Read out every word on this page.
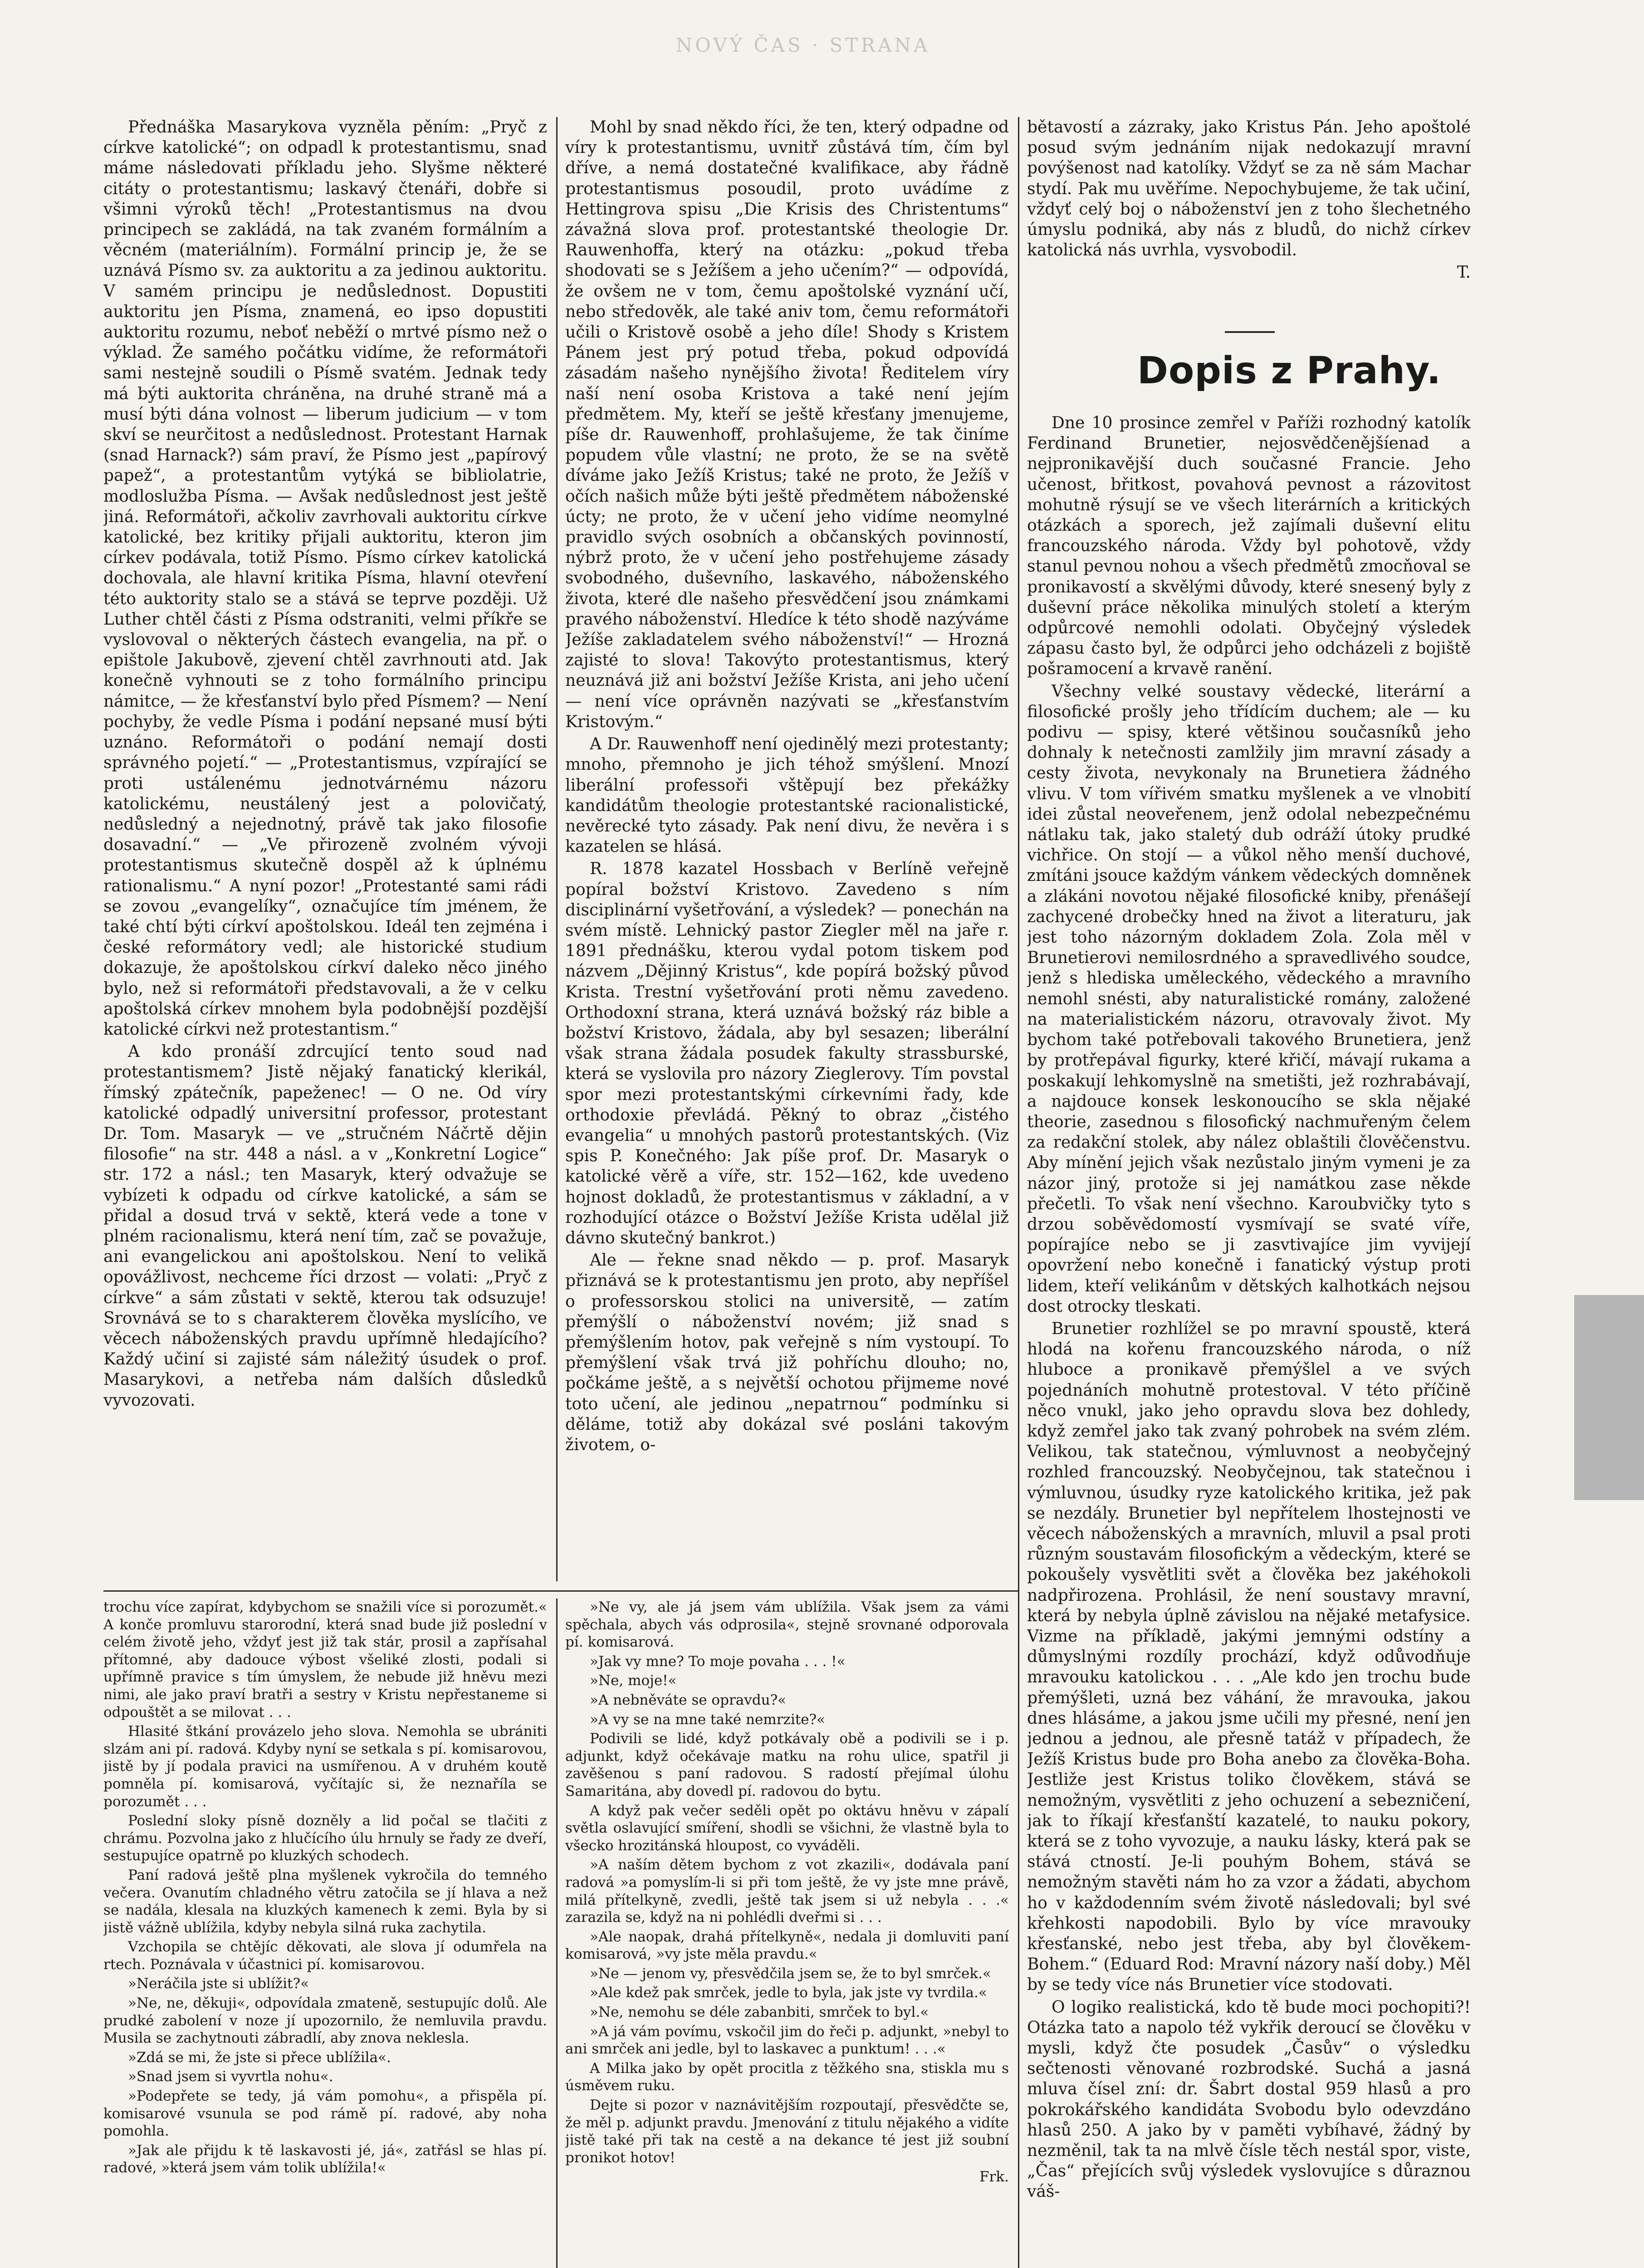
NOVÝ ČAS · STRANA

Přednáška Masarykova vyzněla pěním: „Pryč z církve katolické“; on odpadl k protestantismu, snad máme následovati příkladu jeho. Slyšme některé citáty o protestantismu; laskavý čtenáři, dobře si všimni výroků těch! „Protestantismus na dvou principech se zakládá, na tak zvaném formálním a věcném (materiálním). Formální princip je, že se uznává Písmo sv. za auktoritu a za jedinou auktoritu. V samém principu je nedůslednost. Dopustiti auktoritu jen Písma, znamená, eo ipso dopustiti auktoritu rozumu, neboť neběží o mrtvé písmo než o výklad. Že samého počátku vidíme, že reformátoři sami nestejně soudili o Písmě svatém. Jednak tedy má býti auktorita chráněna, na druhé straně má a musí býti dána volnost — liberum judicium — v tom skví se neurčitost a nedůslednost. Protestant Harnak (snad Harnack?) sám praví, že Písmo jest „papírový papež“, a protestantům vytýká se bibliolatrie, modloslužba Písma. — Avšak nedůslednost jest ještě jiná. Reformátoři, ačkoliv zavrhovali auktoritu církve katolické, bez kritiky přijali auktoritu, kteron jim církev podávala, totiž Písmo. Písmo církev katolická dochovala, ale hlavní kritika Písma, hlavní otevření této auktority stalo se a stává se teprve později. Už Luther chtěl části z Písma odstraniti, velmi příkře se vyslovoval o některých částech evangelia, na př. o epištole Jakubově, zjevení chtěl zavrhnouti atd. Jak konečně vyhnouti se z toho formálního principu námitce, — že křesťanství bylo před Písmem? — Není pochyby, že vedle Písma i podání nepsané musí býti uznáno. Reformátoři o podání nemají dosti správného pojetí.“ — „Protestantismus, vzpírající se proti ustálenému jednotvárnému názoru katolickému, neustálený jest a polovičatý, nedůsledný a nejednotný, právě tak jako filosofie dosavadní.“ — „Ve přirozeně zvolném vývoji protestantismus skutečně dospěl až k úplnému rationalismu.“ A nyní pozor! „Protestanté sami rádi se zovou „evangelíky“, označujíce tím jménem, že také chtí býti církví apoštolskou. Ideál ten zejména i české reformátory vedl; ale historické studium dokazuje, že apoštolskou církví daleko něco jiného bylo, než si reformátoři představovali, a že v celku apoštolská církev mnohem byla podobnější pozdější katolické církvi než protestantism.“

A kdo pronáší zdrcující tento soud nad protestantismem? Jistě nějaký fanatický klerikál, římský zpátečník, papeženec! — O ne. Od víry katolické odpadlý universitní professor, protestant Dr. Tom. Masaryk — ve „stručném Náčrtě dějin filosofie“ na str. 448 a násl. a v „Konkretní Logice“ str. 172 a násl.; ten Masaryk, který odvažuje se vybízeti k odpadu od církve katolické, a sám se přidal a dosud trvá v sektě, která vede a tone v plném racionalismu, která není tím, zač se považuje, ani evangelickou ani apoštolskou. Není to velikă opovážlivost, nechceme říci drzost — volati: „Pryč z církve“ a sám zůstati v sektě, kterou tak odsuzuje! Srovnává se to s charakterem člověka myslícího, ve věcech náboženských pravdu upřímně hledajícího? Každý učiní si zajisté sám náležitý úsudek o prof. Masarykovi, a netřeba nám dalších důsledků vyvozovati.

Mohl by snad někdo říci, že ten, který odpadne od víry k protestantismu, uvnitř zůstává tím, čím byl dříve, a nemá dostatečné kvalifikace, aby řádně protestantismus posoudil, proto uvádíme z Hettingrova spisu „Die Krisis des Christentums“ závažná slova prof. protestantské theologie Dr. Rauwenhoffa, který na otázku: „pokud třeba shodovati se s Ježíšem a jeho učením?“ — odpovídá, že ovšem ne v tom, čemu apoštolské vyznání učí, nebo středověk, ale také aniv tom, čemu reformátoři učili o Kristově osobě a jeho díle! Shody s Kristem Pánem jest prý potud třeba, pokud odpovídá zásadám našeho nynějšího života! Ředitelem víry naší není osoba Kristova a také není jejím předmětem. My, kteří se ještě křesťany jmenujeme, píše dr. Rauwenhoff, prohlašujeme, že tak činíme popudem vůle vlastní; ne proto, že se na světě díváme jako Ježíš Kristus; také ne proto, že Ježíš v očích našich může býti ještě předmětem náboženské úcty; ne proto, že v učení jeho vidíme neomylné pravidlo svých osobních a občanských povinností, nýbrž proto, že v učení jeho postřehujeme zásady svobodného, duševního, laskavého, náboženského života, které dle našeho přesvědčení jsou známkami pravého náboženství. Hledíce k této shodě nazýváme Ježíše zakladatelem svého náboženství!“ — Hrozná zajisté to slova! Takovýto protestantismus, který neuznává již ani božství Ježíše Krista, ani jeho učení — není více oprávněn nazývati se „křesťanstvím Kristovým.“

A Dr. Rauwenhoff není ojedinělý mezi protestanty; mnoho, přemnoho je jich téhož smýšlení. Mnozí liberální professoři vštěpují bez překážky kandidátům theologie protestantské racionalistické, nevěrecké tyto zásady. Pak není divu, že nevěra i s kazatelen se hlásá.

R. 1878 kazatel Hossbach v Berlíně veřejně popíral božství Kristovo. Zavedeno s ním disciplinární vyšetřování, a výsledek? — ponechán na svém místě. Lehnický pastor Ziegler měl na jaře r. 1891 přednášku, kterou vydal potom tiskem pod názvem „Dějinný Kristus“, kde popírá božský původ Krista. Trestní vyšetřování proti němu zavedeno. Orthodoxní strana, která uznává božský ráz bible a božství Kristovo, žádala, aby byl sesazen; liberální však strana žádala posudek fakulty strassburské, která se vyslovila pro názory Zieglerovy. Tím povstal spor mezi protestantskými církevními řady, kde orthodoxie převládá. Pěkný to obraz „čistého evangelia“ u mnohých pastorů protestantských. (Viz spis P. Konečného: Jak píše prof. Dr. Masaryk o katolické věrě a víře, str. 152—162, kde uvedeno hojnost dokladů, že protestantismus v základní, a v rozhodující otázce o Božství Ježíše Krista udělal již dávno skutečný bankrot.)

Ale — řekne snad někdo — p. prof. Masaryk přiznává se k protestantismu jen proto, aby nepříšel o professorskou stolici na universitě, — zatím přemýšlí o náboženství novém; již snad s přemýšlením hotov, pak veřejně s ním vystoupí. To přemýšlení však trvá již pohříchu dlouho; no, počkáme ještě, a s největší ochotou přijmeme nové toto učení, ale jedinou „nepatrnou“ podmínku si děláme, totiž aby dokázal své posláni takovým životem, o-

bětavostí a zázraky, jako Kristus Pán. Jeho apoštolé posud svým jednáním nijak nedokazují mravní povýšenost nad katolíky. Vždyť se za ně sám Machar stydí. Pak mu uvěříme. Nepochybujeme, že tak učiní, vždyť celý boj o náboženství jen z toho šlechetného úmyslu podniká, aby nás z bludů, do nichž církev katolická nás uvrhla, vysvobodil.

T.
Dopis z Prahy.

Dne 10 prosince zemřel v Paříži rozhodný katolík Ferdinand Brunetier, nejosvědčenějšíenad a nejpronikavější duch současné Francie. Jeho učenost, břitkost, povahová pevnost a rázovitost mohutně rýsují se ve všech literárních a kritických otázkách a sporech, jež zajímali duševní elitu francouzského národa. Vždy byl pohotově, vždy stanul pevnou nohou a všech předmětů zmocňoval se pronikavostí a skvělými důvody, které snesený byly z duševní práce několika minulých století a kterým odpůrcové nemohli odolati. Obyčejný výsledek zápasu často byl, že odpůrci jeho odcházeli z bojiště pošramocení a krvavě ranění.

Všechny velké soustavy vědecké, literární a filosofické prošly jeho třídícím duchem; ale — ku podivu — spisy, které většinou současníků jeho dohnaly k netečnosti zamlžily jim mravní zásady a cesty života, nevykonaly na Brunetiera žádného vlivu. V tom vířivém smatku myšlenek a ve vlnobití idei zůstal neoveřenem, jenž odolal nebezpečnému nátlaku tak, jako staletý dub odráží útoky prudké vichřice. On stojí — a vůkol něho menší duchové, zmítáni jsouce každým vánkem vědeckých domněnek a zlákáni novotou nějaké filosofické kniby, přenášejí zachycené drobečky hned na život a literaturu, jak jest toho názorným dokladem Zola. Zola měl v Brunetierovi nemilosrdného a spravedlivého soudce, jenž s hlediska uměleckého, vědeckého a mravního nemohl snésti, aby naturalistické romány, založené na materialistickém názoru, otravovaly život. My bychom také potřebovali takového Brunetiera, jenž by protřepával figurky, které křičí, mávají rukama a poskakují lehkomyslně na smetišti, jež rozhrabávají, a najdouce konsek leskonoucího se skla nějaké theorie, zasednou s filosofický nachmuřeným čelem za redakční stolek, aby nález oblaštili člověčenstvu. Aby mínění jejich však nezůstalo jiným vymeni je za názor jiný, protože si jej namátkou zase někde přečetli. To však není všechno. Karoubvičky tyto s drzou soběvědomostí vysmívají se svaté víře, popírajíce nebo se ji zasvtivajíce jim vyvijejí opovržení nebo konečně i fanatický výstup proti lidem, kteří velikánům v dětských kalhotkách nejsou dost otrocky tleskati.

Brunetier rozhlížel se po mravní spoustě, která hlodá na kořenu francouzského národa, o níž hluboce a pronikavě přemýšlel a ve svých pojednáních mohutně protestoval. V této příčině něco vnukl, jako jeho opravdu slova bez dohledy, když zemřel jako tak zvaný pohrobek na svém zlém. Velikou, tak statečnou, výmluvnost a neobyčejný rozhled francouzský. Neobyčejnou, tak statečnou i výmluvnou, úsudky ryze katolického kritika, jež pak se nezdály. Brunetier byl nepřítelem lhostejnosti ve věcech náboženských a mravních, mluvil a psal proti různým soustavám filosofickým a vědeckým, které se pokoušely vysvětliti svět a člověka bez jakéhokoli nadpřirozena. Prohlásil, že není soustavy mravní, která by nebyla úplně závislou na nějaké metafysice. Vizme na příkladě, jakými jemnými odstíny a důmyslnými rozdíly prochází, když odůvodňuje mravouku katolickou . . . „Ale kdo jen trochu bude přemýšleti, uzná bez váhání, že mravouka, jakou dnes hlásáme, a jakou jsme učili my přesné, není jen jednou a jednou, ale přesně tatáž v případech, že Ježíš Kristus bude pro Boha anebo za člověka-Boha. Jestliže jest Kristus toliko člověkem, stává se nemožným, vysvětliti z jeho ochuzení a sebezničení, jak to říkají křesťanští kazatelé, to nauku pokory, která se z toho vyvozuje, a nauku lásky, která pak se stává ctností. Je-li pouhým Bohem, stává se nemožným stavěti nám ho za vzor a žádati, abychom ho v každodenním svém životě následovali; byl své křehkosti napodobili. Bylo by více mravouky křesťanské, nebo jest třeba, aby byl člověkem-Bohem.“ (Eduard Rod: Mravní názory naší doby.) Měl by se tedy více nás Brunetier více stodovati.

O logiko realistická, kdo tě bude moci pochopiti?! Otázka tato a napolo též vykřik deroucí se člověku v mysli, když čte posudek „Časův“ o výsledku sečtenosti věnované rozbrodské. Suchá a jasná mluva čísel zní: dr. Šabrt dostal 959 hlasů a pro pokrokářského kandidáta Svobodu bylo odevzdáno hlasů 250. A jako by v paměti vybíhavé, žádný by nezměnil, tak ta na mlvě čísle těch nestál spor, viste, „Čas“ přejících svůj výsledek vyslovujíce s důraznou váš-

trochu více zapírat, kdybychom se snažili více si porozumět.« A konče promluvu starorodní, která snad bude již poslední v celém životě jeho, vždyť jest již tak stár, prosil a zapřísahal přítomné, aby dadouce výbost všeliké zlosti, podali si upřímně pravice s tím úmyslem, že nebude již hněvu mezi nimi, ale jako praví bratři a sestry v Kristu nepřestaneme si odpouštět a se milovat . . .

Hlasité štkání provázelo jeho slova. Nemohla se ubrániti slzám ani pí. radová. Kdyby nyní se setkala s pí. komisarovou, jistě by jí podala pravici na usmířenou. A v druhém koutě pomněla pí. komisarová, vyčítajíc si, že neznaříla se porozumět . . .

Poslední sloky písně dozněly a lid počal se tlačiti z chrámu. Pozvolna jako z hlučícího úlu hrnuly se řady ze dveří, sestupujíce opatrně po kluzkých schodech.

Paní radová ještě plna myšlenek vykročila do temného večera. Ovanutím chladného větru zatočila se jí hlava a než se nadála, klesala na kluzkých kamenech k zemi. Byla by si jistě vážně ublížila, kdyby nebyla silná ruka zachytila.

Vzchopila se chtějíc děkovati, ale slova jí odumřela na rtech. Poznávala v účastnici pí. komisarovou.

»Neráčila jste si ublížit?«

»Ne, ne, děkuji«, odpovídala zmateně, sestupujíc dolů. Ale prudké zabolení v noze jí upozornilo, že nemluvila pravdu. Musila se zachytnouti zábradlí, aby znova neklesla.

»Zdá se mi, že jste si přece ublížila«.

»Snad jsem si vyvrtla nohu«.

»Podepřete se tedy, já vám pomohu«, a přispěla pí. komisarové vsunula se pod rámě pí. radové, aby noha pomohla.

»Jak ale přijdu k tě laskavosti jé, já«, zatřásl se hlas pí. radové, »která jsem vám tolik ublížila!«

»Ne vy, ale já jsem vám ublížila. Však jsem za vámi spěchala, abych vás odprosila«, stejně srovnané odporovala pí. komisarová.

»Jak vy mne? To moje povaha . . . !«

»Ne, moje!«

»A nebněváte se opravdu?«

»A vy se na mne také nemrzite?«

Podivili se lidé, když potkávaly obě a podivili se i p. adjunkt, když očekávaje matku na rohu ulice, spatřil ji zavěšenou s paní radovou. S radostí přejímal úlohu Samaritána, aby dovedl pí. radovou do bytu.

A když pak večer seděli opět po oktávu hněvu v zápalí světla oslavující smíření, shodli se všichni, že vlastně byla to všecko hrozitánská hloupost, co vyváděli.

»A naším dětem bychom z vot zkazili«, dodávala paní radová »a pomyslím-li si při tom ještě, že vy jste mne právě, milá přítelkyně, zvedli, ještě tak jsem si už nebyla . . .« zarazila se, když na ni pohlédli dveřmi si . . .

»Ale naopak, drahá přítelkyně«, nedala ji domluviti paní komisarová, »vy jste měla pravdu.«

»Ne — jenom vy, přesvědčila jsem se, že to byl smrček.«

»Ale kdež pak smrček, jedle to byla, jak jste vy tvrdila.«

»Ne, nemohu se déle zabanbiti, smrček to byl.«

»A já vám povímu, vskočil jim do řeči p. adjunkt, »nebyl to ani smrček ani jedle, byl to laskavec a punktum! . . .«

A Milka jako by opět procitla z těžkého sna, stiskla mu s úsměvem ruku.

Dejte si pozor v naznávitějším rozpoutají, přesvědčte se, že měl p. adjunkt pravdu. Jmenování z titulu nějakého a vidíte jistě také při tak na cestě a na dekance té jest již soubní pronikot hotov!

Frk.
